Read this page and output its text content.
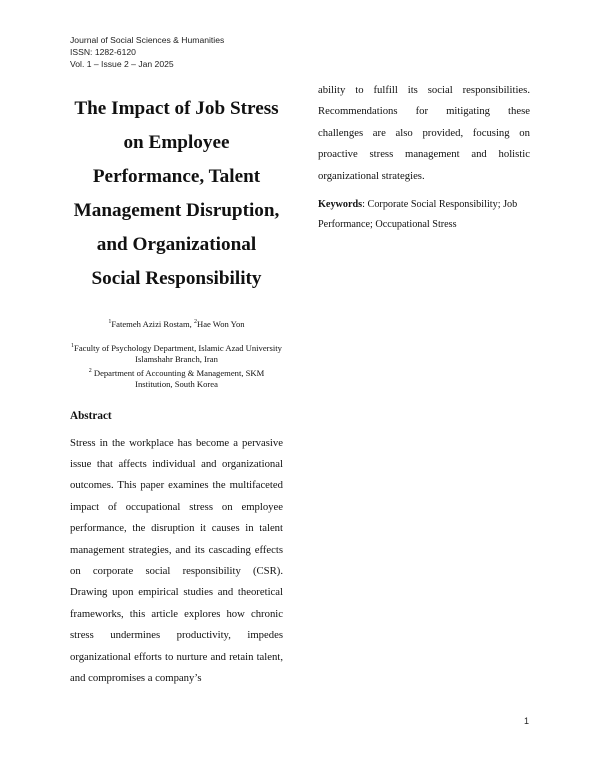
Journal of Social Sciences & Humanities
ISSN: 1282-6120
Vol. 1 – Issue 2 – Jan 2025
The Impact of Job Stress
on Employee
Performance, Talent
Management Disruption,
and Organizational
Social Responsibility
$^1$Fatemeh Azizi Rostam, $^2$Hae Won Yon
$^1$Faculty of Psychology Department, Islamic Azad University Islamshahr Branch, Iran
$^2$ Department of Accounting & Management, SKM Institution, South Korea
Abstract

Stress in the workplace has become a pervasive issue that affects individual and organizational outcomes. This paper examines the multifaceted impact of occupational stress on employee performance, the disruption it causes in talent management strategies, and its cascading effects on corporate social responsibility (CSR). Drawing upon empirical studies and theoretical frameworks, this article explores how chronic stress undermines productivity, impedes organizational efforts to nurture and retain talent, and compromises a company’s

ability to fulfill its social responsibilities. Recommendations for mitigating these challenges are also provided, focusing on proactive stress management and holistic organizational strategies.

Keywords: Corporate Social Responsibility; Job Performance; Occupational Stress
1
